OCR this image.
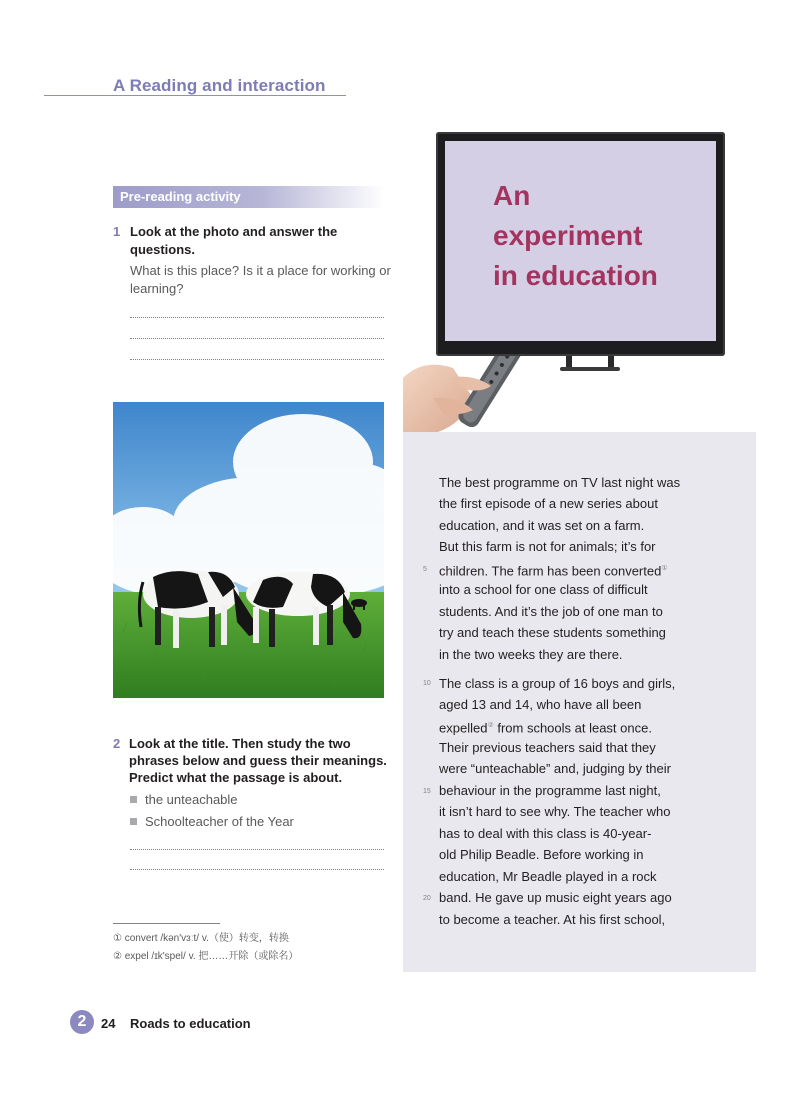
A Reading and interaction
Pre-reading activity
1 Look at the photo and answer the
questions.
What is this place? Is it a place for working or
learning?
2 Look at the title. Then study the two
phrases below and guess their meanings.
Predict what the passage is about.
the unteachable
Schoolteacher of the Year
① convert /kən'vɜːt/ v.（使）转变，转换
② expel /ɪk'spel/ v. 把……开除（或除名）
An
experiment
in education
The best programme on TV last night was
the first episode of a new series about
education, and it was set on a farm.
But this farm is not for animals; it’s for
5 children. The farm has been converted①
into a school for one class of difficult
students. And it’s the job of one man to
try and teach these students something
in the two weeks they are there.
10 The class is a group of 16 boys and girls,
aged 13 and 14, who have all been
expelled② from schools at least once.
Their previous teachers said that they
were “unteachable” and, judging by their
15 behaviour in the programme last night,
it isn’t hard to see why. The teacher who
has to deal with this class is 40-year-
old Philip Beadle. Before working in
education, Mr Beadle played in a rock
20 band. He gave up music eight years ago
to become a teacher. At his first school,
2	24 Roads to education
